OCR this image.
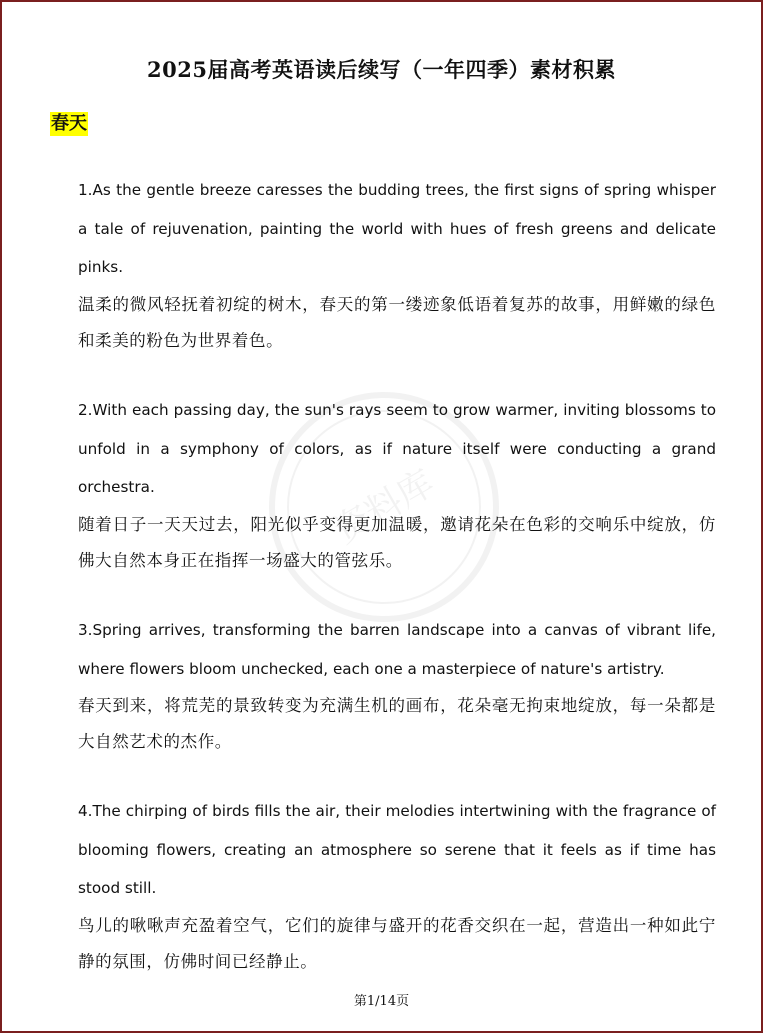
2025届高考英语读后续写（一年四季）素材积累
春天
资料库

1.As the gentle breeze caresses the budding trees, the first signs of spring whisper a tale of rejuvenation, painting the world with hues of fresh greens and delicate pinks.

温柔的微风轻抚着初绽的树木，春天的第一缕迹象低语着复苏的故事，用鲜嫩的绿色和柔美的粉色为世界着色。

2.With each passing day, the sun's rays seem to grow warmer, inviting blossoms to unfold in a symphony of colors, as if nature itself were conducting a grand orchestra.

随着日子一天天过去，阳光似乎变得更加温暖，邀请花朵在色彩的交响乐中绽放，仿佛大自然本身正在指挥一场盛大的管弦乐。

3.Spring arrives, transforming the barren landscape into a canvas of vibrant life, where flowers bloom unchecked, each one a masterpiece of nature's artistry.

春天到来，将荒芜的景致转变为充满生机的画布，花朵毫无拘束地绽放，每一朵都是大自然艺术的杰作。

4.The chirping of birds fills the air, their melodies intertwining with the fragrance of blooming flowers, creating an atmosphere so serene that it feels as if time has stood still.

鸟儿的啾啾声充盈着空气，它们的旋律与盛开的花香交织在一起，营造出一种如此宁静的氛围，仿佛时间已经静止。

第1/14页
